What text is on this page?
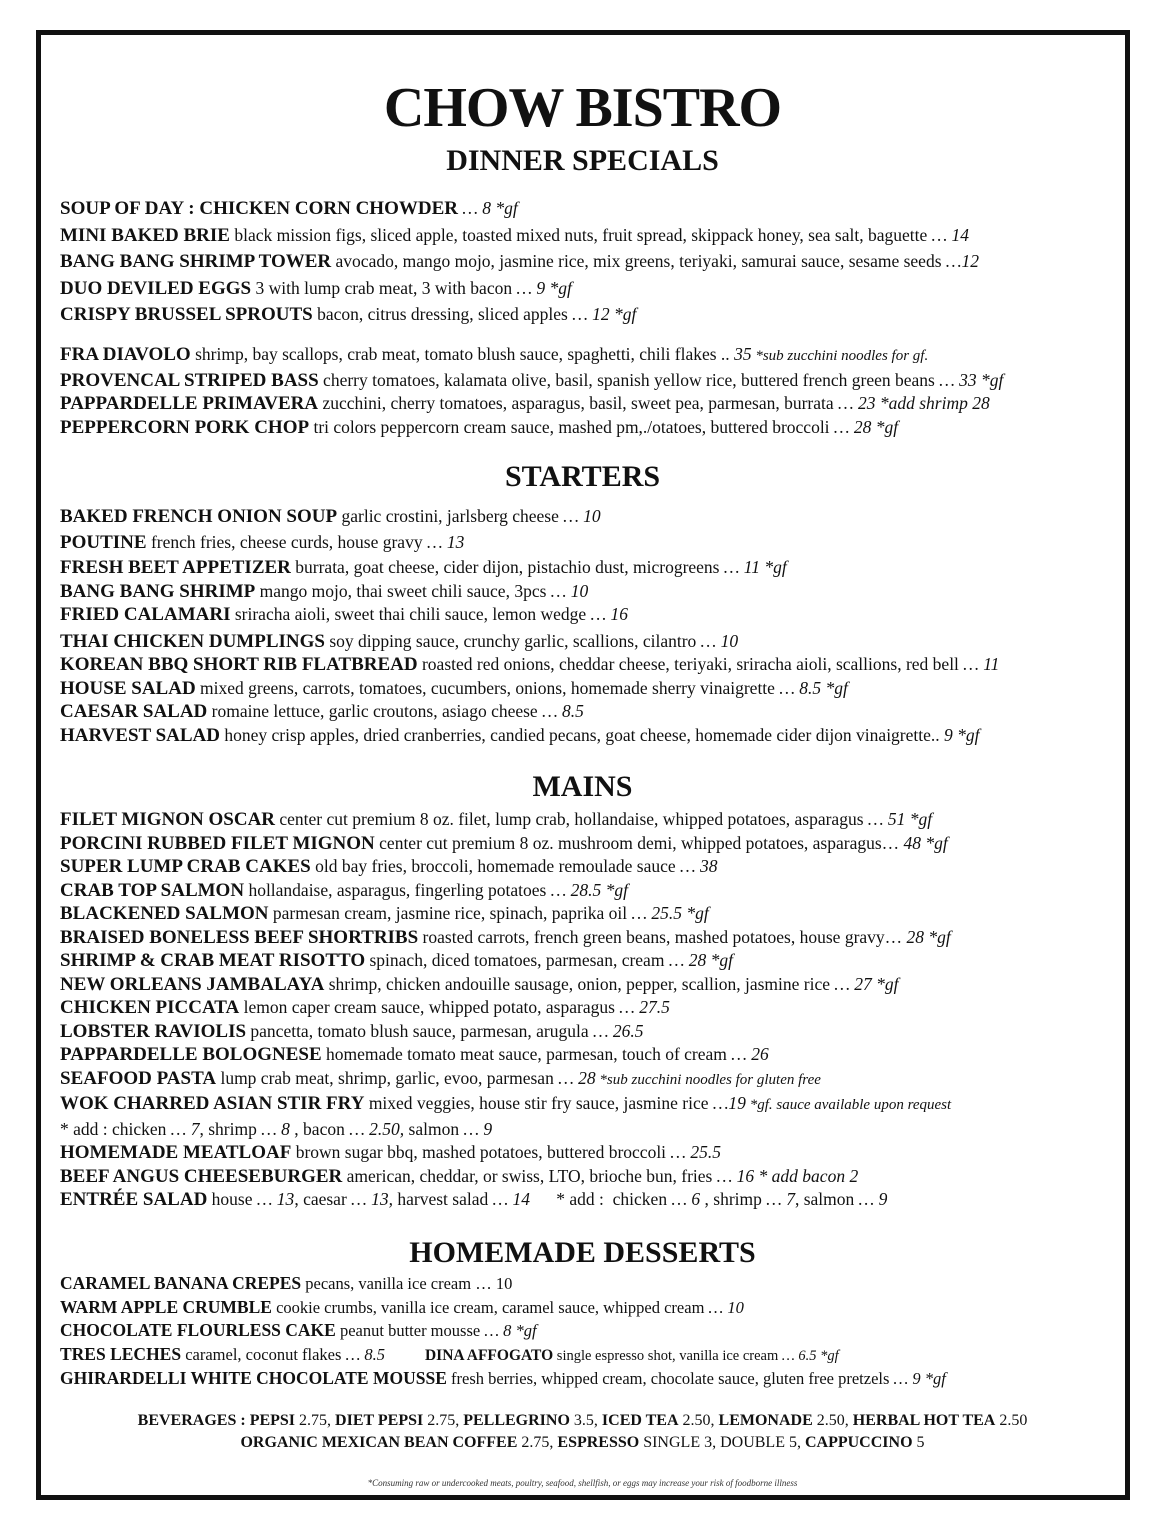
CHOW BISTRO
DINNER SPECIALS
SOUP OF DAY : CHICKEN CORN CHOWDER … 8 *gf
MINI BAKED BRIE black mission figs, sliced apple, toasted mixed nuts, fruit spread, skippack honey, sea salt, baguette … 14
BANG BANG SHRIMP TOWER avocado, mango mojo, jasmine rice, mix greens, teriyaki, samurai sauce, sesame seeds …12
DUO DEVILED EGGS 3 with lump crab meat, 3 with bacon … 9 *gf
CRISPY BRUSSEL SPROUTS bacon, citrus dressing, sliced apples … 12 *gf
FRA DIAVOLO shrimp, bay scallops, crab meat, tomato blush sauce, spaghetti, chili flakes .. 35 *sub zucchini noodles for gf.
PROVENCAL STRIPED BASS cherry tomatoes, kalamata olive, basil, spanish yellow rice, buttered french green beans … 33 *gf
PAPPARDELLE PRIMAVERA zucchini, cherry tomatoes, asparagus, basil, sweet pea, parmesan, burrata … 23 *add shrimp 28
PEPPERCORN PORK CHOP tri colors peppercorn cream sauce, mashed pm,./otatoes, buttered broccoli … 28 *gf
STARTERS
BAKED FRENCH ONION SOUP garlic crostini, jarlsberg cheese … 10
POUTINE french fries, cheese curds, house gravy … 13
FRESH BEET APPETIZER burrata, goat cheese, cider dijon, pistachio dust, microgreens … 11 *gf
BANG BANG SHRIMP mango mojo, thai sweet chili sauce, 3pcs … 10
FRIED CALAMARI sriracha aioli, sweet thai chili sauce, lemon wedge … 16
THAI CHICKEN DUMPLINGS soy dipping sauce, crunchy garlic, scallions, cilantro … 10
KOREAN BBQ SHORT RIB FLATBREAD roasted red onions, cheddar cheese, teriyaki, sriracha aioli, scallions, red bell … 11
HOUSE SALAD mixed greens, carrots, tomatoes, cucumbers, onions, homemade sherry vinaigrette … 8.5 *gf
CAESAR SALAD romaine lettuce, garlic croutons, asiago cheese … 8.5
HARVEST SALAD honey crisp apples, dried cranberries, candied pecans, goat cheese, homemade cider dijon vinaigrette.. 9 *gf
MAINS
FILET MIGNON OSCAR center cut premium 8 oz. filet, lump crab, hollandaise, whipped potatoes, asparagus … 51 *gf
PORCINI RUBBED FILET MIGNON center cut premium 8 oz. mushroom demi, whipped potatoes, asparagus… 48 *gf
SUPER LUMP CRAB CAKES old bay fries, broccoli, homemade remoulade sauce … 38
CRAB TOP SALMON hollandaise, asparagus, fingerling potatoes … 28.5 *gf
BLACKENED SALMON parmesan cream, jasmine rice, spinach, paprika oil … 25.5 *gf
BRAISED BONELESS BEEF SHORTRIBS roasted carrots, french green beans, mashed potatoes, house gravy… 28 *gf
SHRIMP & CRAB MEAT RISOTTO spinach, diced tomatoes, parmesan, cream … 28 *gf
NEW ORLEANS JAMBALAYA shrimp, chicken andouille sausage, onion, pepper, scallion, jasmine rice … 27 *gf
CHICKEN PICCATA lemon caper cream sauce, whipped potato, asparagus … 27.5
LOBSTER RAVIOLIS pancetta, tomato blush sauce, parmesan, arugula … 26.5
PAPPARDELLE BOLOGNESE homemade tomato meat sauce, parmesan, touch of cream … 26
SEAFOOD PASTA lump crab meat, shrimp, garlic, evoo, parmesan … 28 *sub zucchini noodles for gluten free
WOK CHARRED ASIAN STIR FRY mixed veggies, house stir fry sauce, jasmine rice …19 *gf. sauce available upon request
* add : chicken … 7, shrimp … 8 , bacon … 2.50, salmon … 9
HOMEMADE MEATLOAF brown sugar bbq, mashed potatoes, buttered broccoli … 25.5
BEEF ANGUS CHEESEBURGER american, cheddar, or swiss, LTO, brioche bun, fries … 16 * add bacon 2
ENTRÉE SALAD house … 13, caesar … 13, harvest salad … 14      * add :  chicken … 6 , shrimp … 7, salmon … 9
HOMEMADE DESSERTS
CARAMEL BANANA CREPES pecans, vanilla ice cream … 10
WARM APPLE CRUMBLE cookie crumbs, vanilla ice cream, caramel sauce, whipped cream … 10
CHOCOLATE FLOURLESS CAKE peanut butter mousse … 8 *gf
TRES LECHES caramel, coconut flakes … 8.5	DINA AFFOGATO single espresso shot, vanilla ice cream … 6.5 *gf
GHIRARDELLI WHITE CHOCOLATE MOUSSE fresh berries, whipped cream, chocolate sauce, gluten free pretzels … 9 *gf
BEVERAGES : PEPSI 2.75, DIET PEPSI 2.75, PELLEGRINO 3.5, ICED TEA 2.50, LEMONADE 2.50, HERBAL HOT TEA 2.50
ORGANIC MEXICAN BEAN COFFEE 2.75, ESPRESSO SINGLE 3, DOUBLE 5, CAPPUCCINO 5

*Consuming raw or undercooked meats, poultry, seafood, shellfish, or eggs may increase your risk of foodborne illness
